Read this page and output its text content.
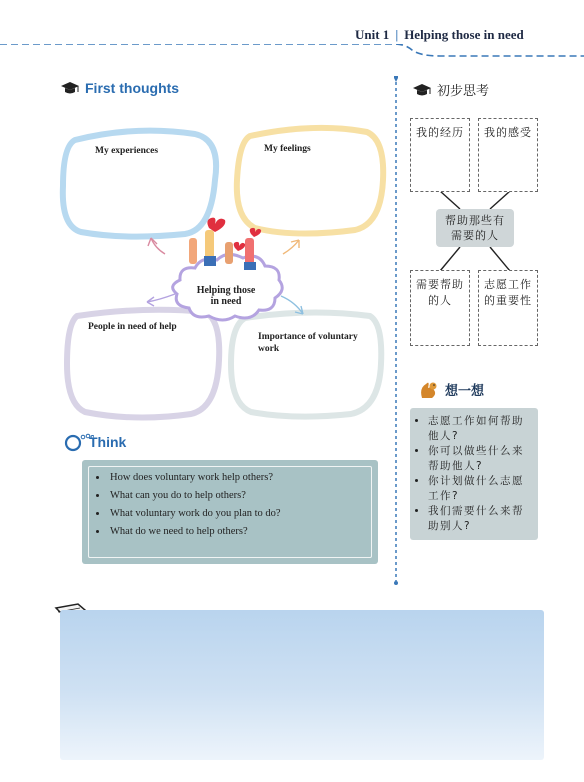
Unit 1 | Helping those in need
First thoughts
My experiences	My feelings
People in need of help
Importance of voluntary
work
Helping those
in need
初步思考
我的经历	我的感受
帮助那些有
需要的人
需要帮助
的人
志愿工作
的重要性
Think
• How does voluntary work help others?
• What can you do to help others?
• What voluntary work do you plan to do?
• What do we need to help others?
想一想
• 志愿工作如何帮助他人?
• 你可以做些什么来帮助他人?
• 你计划做什么志愿工作?
• 我们需要什么来帮助别人?
